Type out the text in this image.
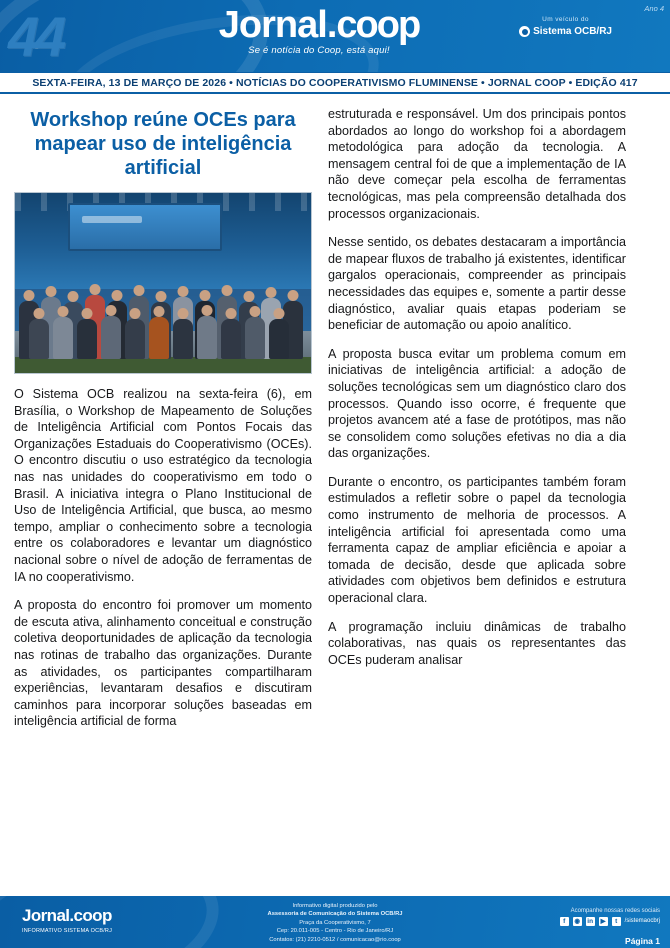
44	Jornal.coop
Se é notícia do Coop, está aqui!
Um veículo do
Sistema OCB/RJ
Ano 4
SEXTA-FEIRA, 13 DE MARÇO DE 2026 • NOTÍCIAS DO COOPERATIVISMO FLUMINENSE • JORNAL COOP • EDIÇÃO 417
Workshop reúne OCEs para mapear uso de inteligência artificial

O Sistema OCB realizou na sexta-feira (6), em Brasília, o Workshop de Mapeamento de Soluções de Inteligência Artificial com Pontos Focais das Organizações Estaduais do Cooperativismo (OCEs). O encontro discutiu o uso estratégico da tecnologia nas nas unidades do cooperativismo em todo o Brasil. A iniciativa integra o Plano Institucional de Uso de Inteligência Artificial, que busca, ao mesmo tempo, ampliar o conhecimento sobre a tecnologia entre os colaboradores e levantar um diagnóstico nacional sobre o nível de adoção de ferramentas de IA no cooperativismo.

A proposta do encontro foi promover um momento de escuta ativa, alinhamento conceitual e construção coletiva deoportunidades de aplicação da tecnologia nas rotinas de trabalho das organizações. Durante as atividades, os participantes compartilharam experiências, levantaram desafios e discutiram caminhos para incorporar soluções baseadas em inteligência artificial de forma

estruturada e responsável. Um dos principais pontos abordados ao longo do workshop foi a abordagem metodológica para adoção da tecnologia. A mensagem central foi de que a implementação de IA não deve começar pela escolha de ferramentas tecnológicas, mas pela compreensão detalhada dos processos organizacionais.

Nesse sentido, os debates destacaram a importância de mapear fluxos de trabalho já existentes, identificar gargalos operacionais, compreender as principais necessidades das equipes e, somente a partir desse diagnóstico, avaliar quais etapas poderiam se beneficiar de automação ou apoio analítico.

A proposta busca evitar um problema comum em iniciativas de inteligência artificial: a adoção de soluções tecnológicas sem um diagnóstico claro dos processos. Quando isso ocorre, é frequente que projetos avancem até a fase de protótipos, mas não se consolidem como soluções efetivas no dia a dia das organizações.

Durante o encontro, os participantes também foram estimulados a refletir sobre o papel da tecnologia como instrumento de melhoria de processos. A inteligência artificial foi apresentada como uma ferramenta capaz de ampliar eficiência e apoiar a tomada de decisão, desde que aplicada sobre atividades com objetivos bem definidos e estrutura operacional clara.

A programação incluiu dinâmicas de trabalho colaborativas, nas quais os representantes das OCEs puderam analisar

Jornal.coop
INFORMATIVO SISTEMA OCB/RJ
Informativo digital produzido pelo
Assessoria de Comunicação do Sistema OCB/RJ
Praça da Cooperativismo, 7
Cep: 20.011-005 - Centro - Rio de Janeiro/RJ
Contatos: (21) 2210-0512 / comunicacao@rio.coop
Acompanhe nossas redes sociais
f	◉ in	▶	t	/sistemaocbrj
Página 1
